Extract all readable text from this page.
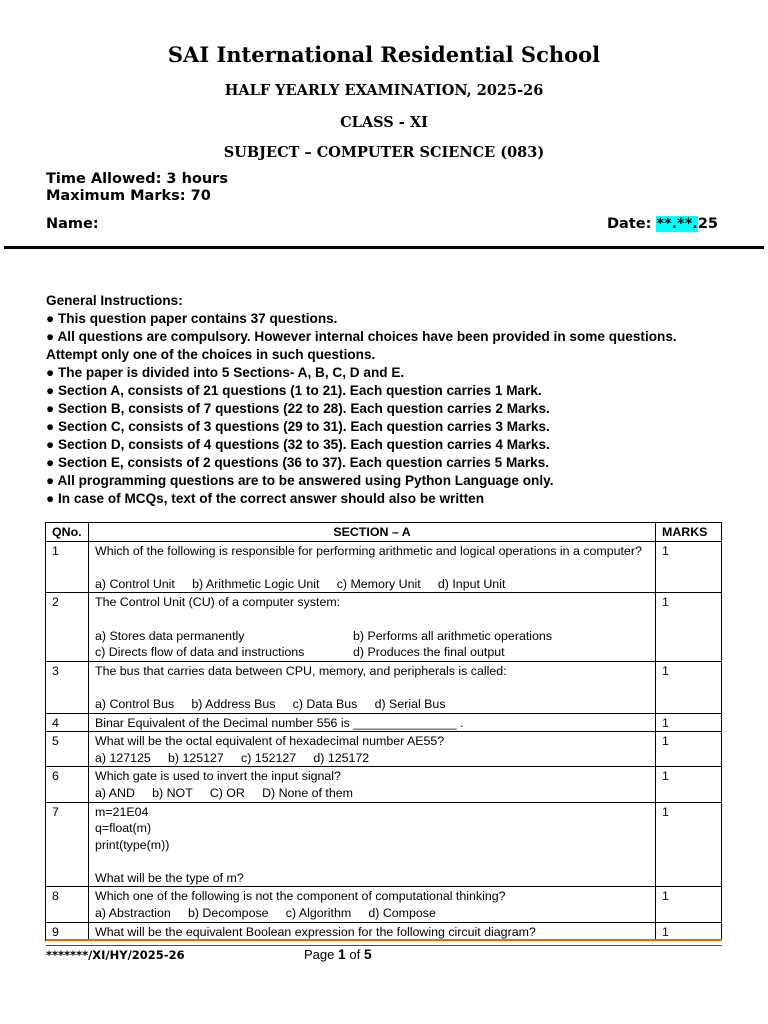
SAI International Residential School
HALF YEARLY EXAMINATION, 2025-26
CLASS - XI
SUBJECT – COMPUTER SCIENCE (083)
Time Allowed: 3 hours
Maximum Marks: 70
Name:	Date: **.**.25
General Instructions:
● This question paper contains 37 questions.
● All questions are compulsory. However internal choices have been provided in some questions.
Attempt only one of the choices in such questions.
● The paper is divided into 5 Sections- A, B, C, D and E.
● Section A, consists of 21 questions (1 to 21). Each question carries 1 Mark.
● Section B, consists of 7 questions (22 to 28). Each question carries 2 Marks.
● Section C, consists of 3 questions (29 to 31). Each question carries 3 Marks.
● Section D, consists of 4 questions (32 to 35). Each question carries 4 Marks.
● Section E, consists of 2 questions (36 to 37). Each question carries 5 Marks.
● All programming questions are to be answered using Python Language only.
● In case of MCQs, text of the correct answer should also be written
QNo.	SECTION – A	MARKS
1	Which of the following is responsible for performing arithmetic and logical operations in a computer?
a) Control Unit     b) Arithmetic Logic Unit     c) Memory Unit     d) Input Unit	1
2	The Control Unit (CU) of a computer system:
a) Stores data permanently b) Performs all arithmetic operations
c) Directs flow of data and instructions d) Produces the final output	1
3	The bus that carries data between CPU, memory, and peripherals is called:
a) Control Bus     b) Address Bus     c) Data Bus     d) Serial Bus	1
4	Binar Equivalent of the Decimal number 556 is _______________ .	1
5	What will be the octal equivalent of hexadecimal number AE55?
a) 127125     b) 125127     c) 152127     d) 125172	1
6	Which gate is used to invert the input signal?
a) AND     b) NOT     C) OR     D) None of them	1
7	m=21E04
q=float(m)
print(type(m))
What will be the type of m?	1
8	Which one of the following is not the component of computational thinking?
a) Abstraction     b) Decompose     c) Algorithm     d) Compose	1
9	What will be the equivalent Boolean expression for the following circuit diagram?	1
*******/XI/HY/2025-26	Page 1 of 5
